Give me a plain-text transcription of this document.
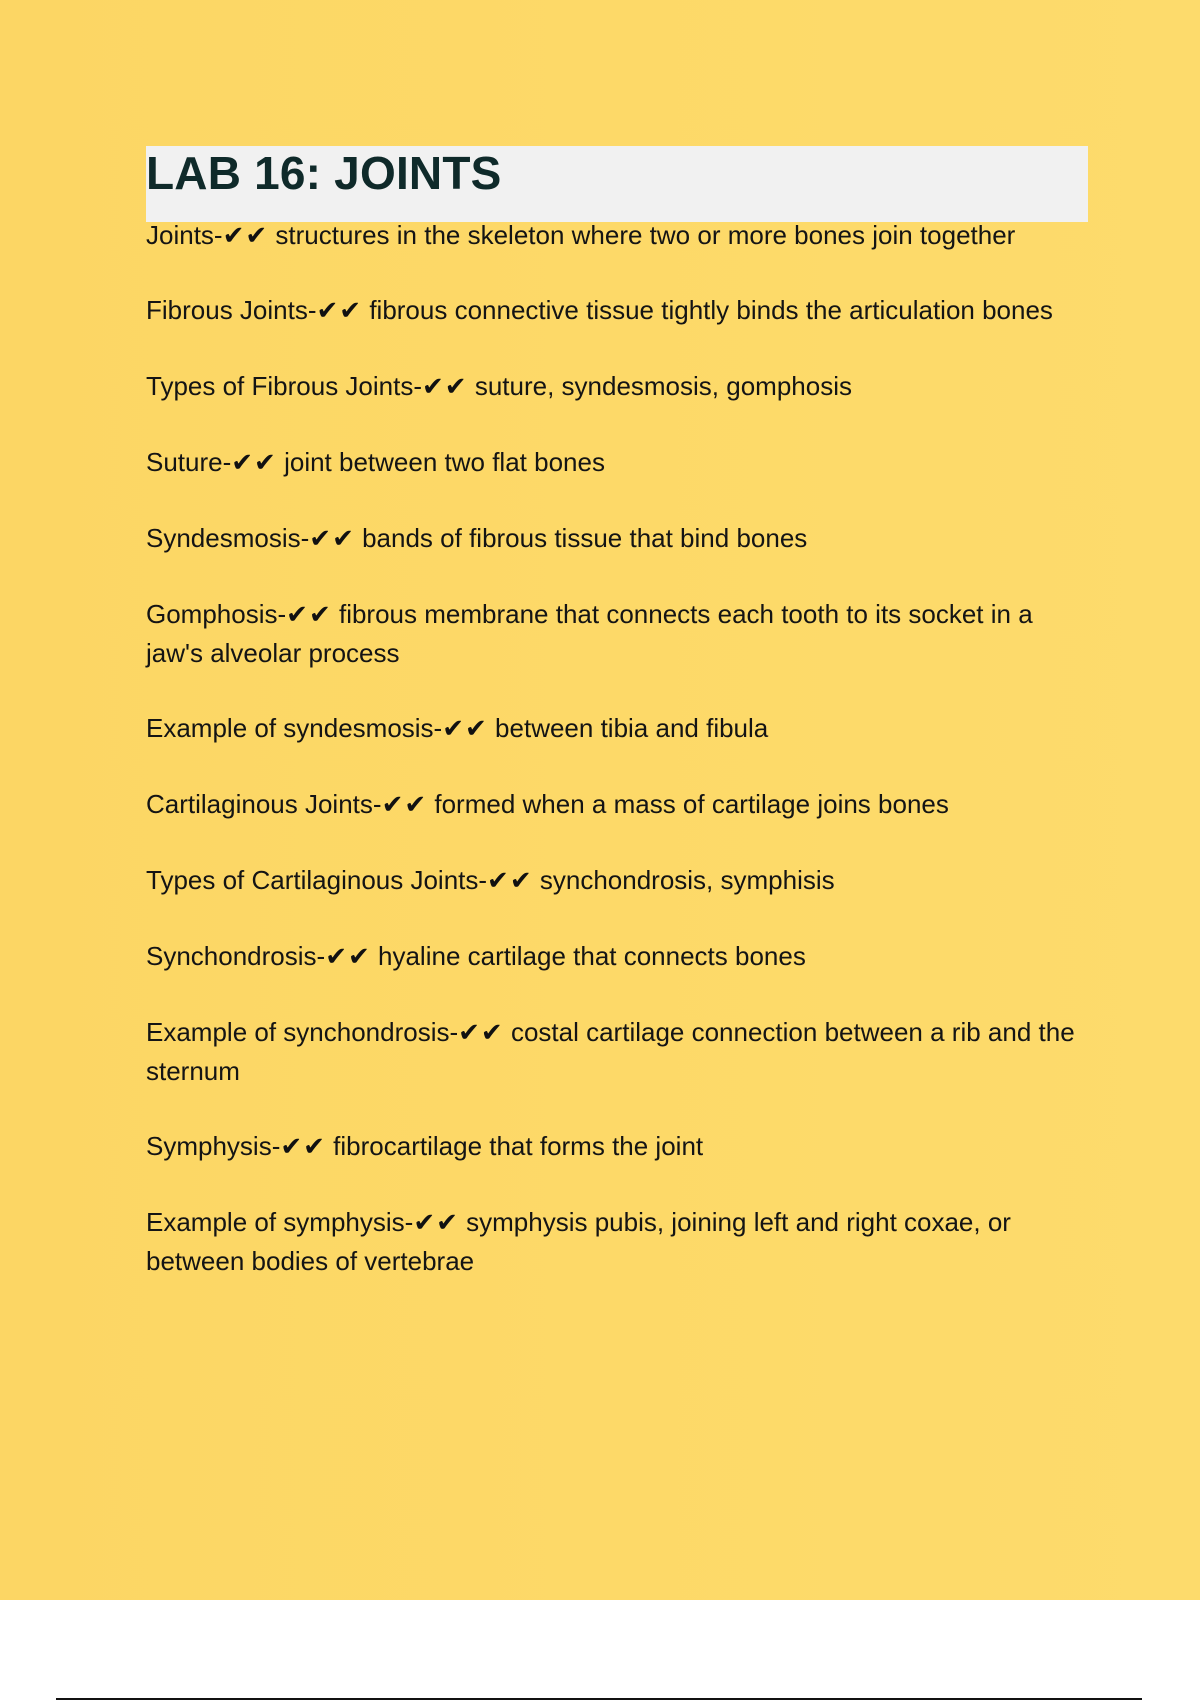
LAB 16: JOINTS
Joints-✔✔ structures in the skeleton where two or more bones join together
Fibrous Joints-✔✔ fibrous connective tissue tightly binds the articulation bones
Types of Fibrous Joints-✔✔ suture, syndesmosis, gomphosis
Suture-✔✔ joint between two flat bones
Syndesmosis-✔✔ bands of fibrous tissue that bind bones
Gomphosis-✔✔ fibrous membrane that connects each tooth to its socket in a jaw's alveolar process
Example of syndesmosis-✔✔ between tibia and fibula
Cartilaginous Joints-✔✔ formed when a mass of cartilage joins bones
Types of Cartilaginous Joints-✔✔ synchondrosis, symphisis
Synchondrosis-✔✔ hyaline cartilage that connects bones
Example of synchondrosis-✔✔ costal cartilage connection between a rib and the sternum
Symphysis-✔✔ fibrocartilage that forms the joint
Example of symphysis-✔✔ symphysis pubis, joining left and right coxae, or between bodies of vertebrae
